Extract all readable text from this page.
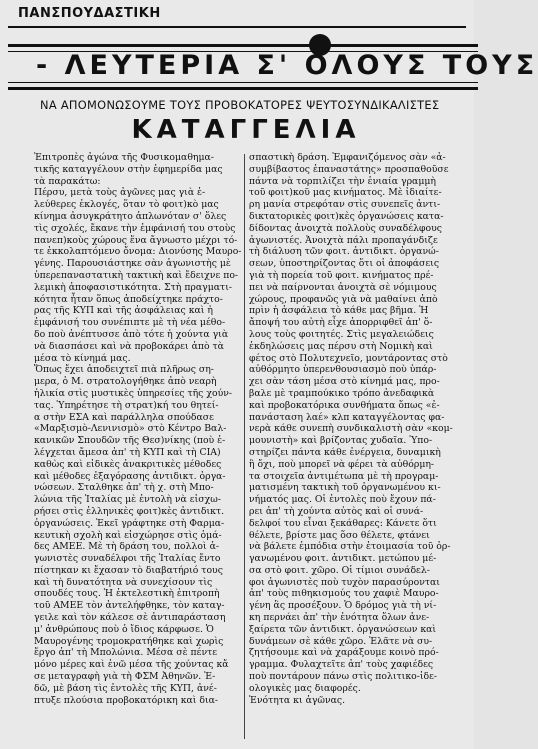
ΠΑΝΣΠΟΥΔΑΣΤΙΚΗ
- ΛΕΥΤΕΡΙΑ Σ' ΟΛΟΥΣ ΤΟΥΣ
ΝΑ ΑΠΟΜΟΝΩΣΟΥΜΕ ΤΟΥΣ ΠΡΟΒΟΚΑΤΟΡΕΣ ΨΕΥΤΟΣΥΝΔΙΚΑΛΙΣΤΕΣ
ΚΑΤΑΓΓΕΛΙΑ
Ἐπιτροπὲς ἀγώνα τῆς Φυσικομαθημα-
τικῆς καταγγέλουν στὴν ἐφημερίδα μας
τὰ παρακάτω:
Πέρσυ, μετὰ τοὺς ἀγῶνες μας γιὰ ἐ-
λεύθερες ἐκλογές, ὅταν τὸ φοιτ)κὸ μας
κίνημα ἀσυγκράτητο ἁπλωνόταν σ' ὅλες
τὶς σχολές, ἔκανε τὴν ἐμφάνισή του στοὺς
πανεπ)κοὺς χώρους ἕνα ἄγνωστο μέχρι τό-
τε ἐκκολαπτόμενο ὄνομα: Διονύσης Μαυρο-
γένης. Παρουσιάστηκε σὰν ἀγωνιστὴς μὲ
ὑπερεπαναστατικὴ τακτικὴ καὶ ἔδειχνε πο-
λεμικὴ ἀποφασιστικότητα. Στὴ πραγματι-
κότητα ἦταν ὅπως ἀποδείχτηκε πράχτο-
ρας τῆς ΚΥΠ καὶ τῆς ἀσφάλειας καὶ ἡ
ἐμφάνισή του συνέπιπτε μὲ τὴ νέα μέθο-
δο ποὺ ἀνέπτυσσε ἀπὸ τότε ἡ χούντα γιὰ
νὰ διασπάσει καὶ νὰ προβοκάρει ἀπὸ τὰ
μέσα τὸ κίνημά μας.
Ὅπως ἔχει ἀποδειχτεῖ πιὰ πλῆρως ση-
μερα, ὁ Μ. στρατολογήθηκε ἀπὸ νεαρὴ
ἡλικία στὶς μυστικὲς ὑπηρεσίες τῆς χούν-
τας. Ὑπηρέτησε τὴ στρατ)κή του θητεί-
α στὴν ΕΣΑ καὶ παράλληλα σπούδασε
«Μαρξισμὸ-Λενινισμὸ» στὸ Κέντρο Βαλ-
κανικῶν Σπουδῶν τῆς Θεσ)νίκης (ποὺ ἐ-
λέγχεται ἄμεσα ἀπ' τὴ ΚΥΠ καὶ τὴ CIA)
καθὼς καὶ εἰδικὲς ἀνακριτικὲς μέθοδες
καὶ μέθοδες ἐξαγόρασης ἀντιδικτ. ὀργα-
νώσεων. Σταλθηκε ἀπ' τὴ χ. στὴ Μπο-
λώνια τῆς Ἰταλίας μὲ ἐντολὴ νὰ εἰσχω-
ρήσει στὶς ἑλληνικὲς φοιτ)κὲς ἀντιδικτ.
ὀργανώσεις. Ἐκεῖ γράφτηκε στὴ Φαρμα-
κευτικὴ σχολὴ καὶ εἰσχώρησε στὶς ὁμά-
δες ΑΜΕΕ. Μὲ τὴ δράση του, πολλοὶ ἀ-
γωνιστὲς συναδέλφοι τῆς Ἰταλίας ἔντο
πίστηκαν κι ἔχασαν τὸ διαβατήριό τους
καὶ τὴ δυνατότητα νὰ συνεχίσουν τὶς
σπουδές τους. Ἡ ἐκτελεστικὴ ἐπιτροπὴ
τοῦ ΑΜΕΕ τὸν ἀντελήφθηκε, τὸν καταγ-
γειλε καὶ τὸν κάλεσε σὲ ἀντιπαράσταση
μ' ἀνθρώπους ποὺ ὁ ἴδιος κάρφωσε. Ὁ
Μαυρογένης τρομοκρατήθηκε καὶ χωρὶς
ἔργο ἀπ' τὴ Μπολώνια. Μέσα σὲ πέντε
μόνο μέρες καὶ ἐνῶ μέσα τῆς χούντας κἄ
σε μεταγραφὴ γιὰ τὴ ΦΣΜ Ἀθηνῶν. Ἐ-
δῶ, μὲ βάση τὶς ἐντολὲς τῆς ΚΥΠ, ἀνέ-
πτυξε πλούσια προβοκατόρικη καὶ δια-
σπαστικὴ δράση. Ἐμφανιζόμενος σὰν «ἀ-
συμβίβαστος ἐπαναστάτης» προσπαθοῦσε
πάντα νὰ τορπιλίζει τὴν ἑνιαία γραμμὴ
τοῦ φοιτ)κοῦ μας κινήματος. Μὲ ἰδιαίτε-
ρη μανία στρεφόταν στὶς συνεπεῖς ἀντι-
δικτατορικὲς φοιτ)κὲς ὀργανώσεις κατα-
δίδοντας ἀνοιχτὰ πολλοὺς συναδέλφους
ἀγωνιστές. Ἀνοιχτὰ πάλι προπαγάνδιζε
τὴ διάλυση τῶν φοιτ. ἀντιδικτ. ὀργανώ-
σεων, ὑποστηρίζοντας ὅτι οἱ ἀποφάσεις
γιὰ τὴ πορεία τοῦ φοιτ. κινήματος πρέ-
πει νὰ παίρνονται ἀνοιχτὰ σὲ νόμιμους
χώρους, προφανῶς γιὰ νὰ μαθαίνει ἀπὸ
πρὶν ἡ ἀσφάλεια τὸ κάθε μας βῆμα. Ἡ
ἄποψή του αὐτὴ εἶχε ἀπορριφθεῖ ἀπ' ὅ-
λους τοὺς φοιτητές. Στὶς μεγαλειώδεις
ἐκδηλώσεις μας πέρσυ στὴ Νομικὴ καὶ
φέτος στὸ Πολυτεχνεῖο, μοντάροντας στὸ
αὐθόρμητο ὑπερενθουσιασμὸ ποὺ ὑπάρ-
χει σὰν τάση μέσα στὸ κίνημά μας, προ-
βαλε μὲ τραμπούκικο τρόπο ἀνεδαφικὰ
καὶ προβοκατόρικα συνθήματα ὅπως «ἐ-
πανάσταση λαέ» κλπ καταγγέλοντας φα-
νερὰ κάθε συνεπὴ συνδικαλιστὴ σὰν «κομ-
μουνιστὴ» καὶ βρίζοντας χυδαῖα. Ὑπο-
στηρίζει πάντα κάθε ἐνέργεια, δυναμικὴ
ἢ ὄχι, ποὺ μπορεῖ νὰ φέρει τὰ αὐθόρμη-
τα στοιχεῖα ἀντιμέτωπα μὲ τὴ προγραμ-
ματισμένη τακτικὴ τοῦ ὀργανωμένου κι-
νήματός μας. Οἱ ἐντολὲς ποὺ ἔχουν πά-
ρει ἀπ' τὴ χούντα αὐτὸς καὶ οἱ συνά-
δελφοί του εἶναι ξεκάθαρες: Κάνετε ὅτι
θέλετε, βρίστε μας ὅσο θέλετε, φτάνει
νὰ βάλετε ἐμπόδια στὴν ἑτοιμασία τοῦ ὀρ-
γανωμένου φοιτ. ἀντιδικτ. μετώπου μέ-
σα στὸ φοιτ. χῶρο. Οἱ τίμιοι συνάδελ-
φοι ἀγωνιστὲς ποὺ τυχὸν παρασύρονται
ἀπ' τοὺς πιθηκισμούς του χαφιὲ Μαυρο-
γένη ἂς προσέξουν. Ὁ δρόμος γιὰ τὴ νί-
κη περνάει ἀπ' τὴν ἑνότητα ὅλων ἀνε-
ξαίρετα τῶν ἀντιδικτ. ὀργανώσεων καὶ
δυνάμεων σὲ κάθε χῶρο. Ἐλᾶτε νὰ συ-
ζητήσουμε καὶ νὰ χαράξουμε κοινὸ πρό-
γραμμα. Φυλαχτεῖτε ἀπ' τοὺς χαφιέδες
ποὺ ποντάρουν πάνω στὶς πολιτικο-ἰδε-
ολογικὲς μας διαφορές.
Ἑνότητα κι ἀγῶνας.
